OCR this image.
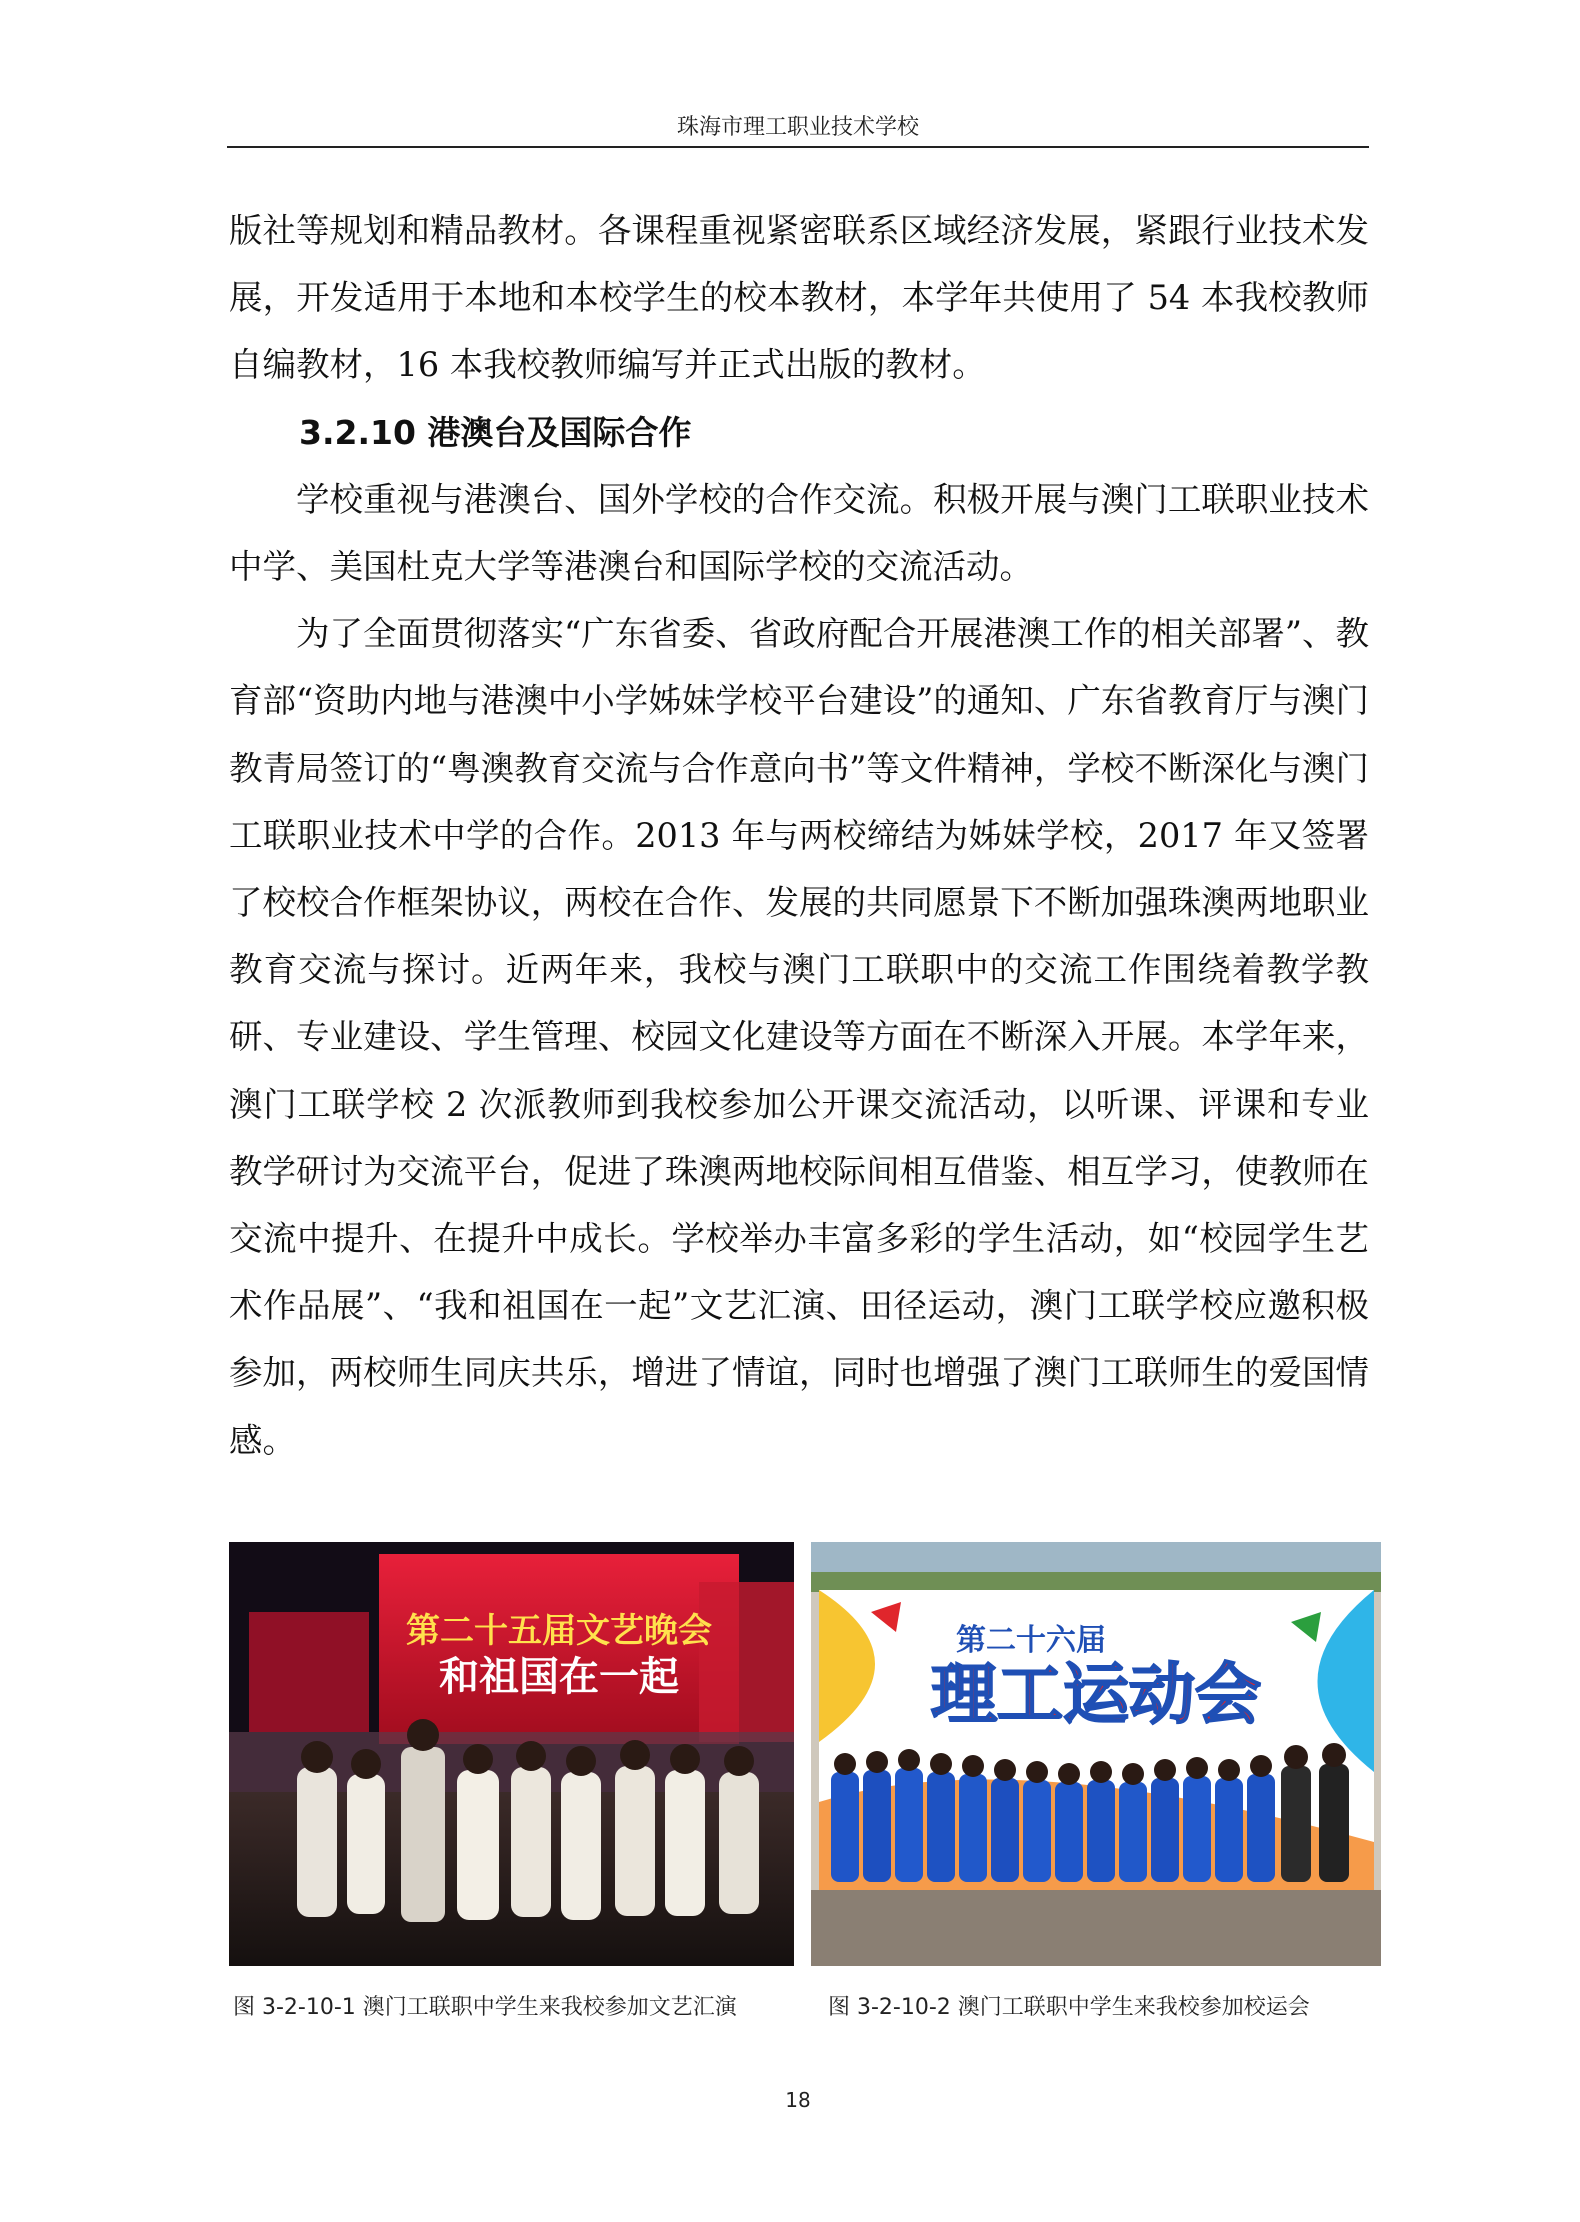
珠海市理工职业技术学校

版社等规划和精品教材。各课程重视紧密联系区域经济发展，紧跟行业技术发展，开发适用于本地和本校学生的校本教材，本学年共使用了 54 本我校教师自编教材，16 本我校教师编写并正式出版的教材。

3.2.10 港澳台及国际合作

学校重视与港澳台、国外学校的合作交流。积极开展与澳门工联职业技术中学、美国杜克大学等港澳台和国际学校的交流活动。

为了全面贯彻落实“广东省委、省政府配合开展港澳工作的相关部署”、教育部“资助内地与港澳中小学姊妹学校平台建设”的通知、广东省教育厅与澳门教青局签订的“粤澳教育交流与合作意向书”等文件精神，学校不断深化与澳门工联职业技术中学的合作。2013 年与两校缔结为姊妹学校，2017 年又签署了校校合作框架协议，两校在合作、发展的共同愿景下不断加强珠澳两地职业教育交流与探讨。近两年来，我校与澳门工联职中的交流工作围绕着教学教研、专业建设、学生管理、校园文化建设等方面在不断深入开展。本学年来，澳门工联学校 2 次派教师到我校参加公开课交流活动，以听课、评课和专业教学研讨为交流平台，促进了珠澳两地校际间相互借鉴、相互学习，使教师在交流中提升、在提升中成长。学校举办丰富多彩的学生活动，如“校园学生艺术作品展”、“我和祖国在一起”文艺汇演、田径运动，澳门工联学校应邀积极参加，两校师生同庆共乐，增进了情谊，同时也增强了澳门工联师生的爱国情感。

第二十五届文艺晚会
和祖国在一起
第二十六届
理工运动会
The sports meeting
图 3-2-10-1 澳门工联职中学生来我校参加文艺汇演	图 3-2-10-2 澳门工联职中学生来我校参加校运会
18
